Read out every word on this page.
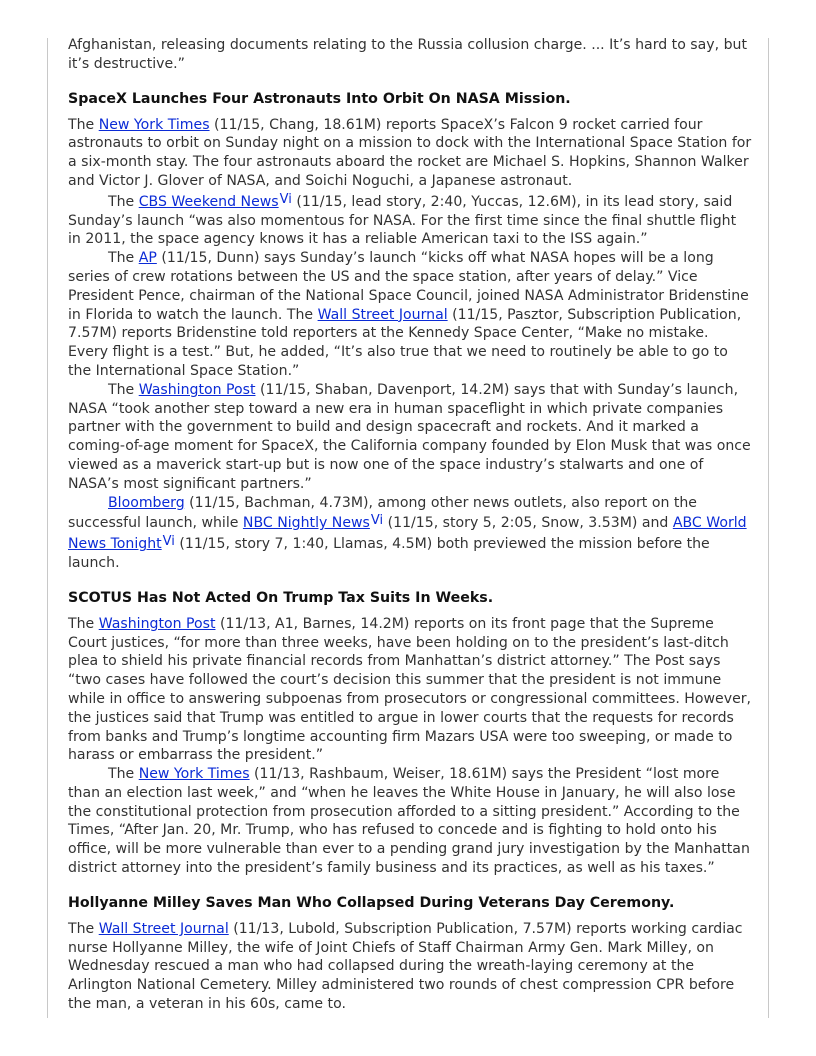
Afghanistan, releasing documents relating to the Russia collusion charge. ... It’s hard to say, but it’s destructive.”

SpaceX Launches Four Astronauts Into Orbit On NASA Mission.

The New York Times (11/15, Chang, 18.61M) reports SpaceX’s Falcon 9 rocket carried four astronauts to orbit on Sunday night on a mission to dock with the International Space Station for a six-month stay. The four astronauts aboard the rocket are Michael S. Hopkins, Shannon Walker and Victor J. Glover of NASA, and Soichi Noguchi, a Japanese astronaut.

The CBS Weekend NewsVi (11/15, lead story, 2:40, Yuccas, 12.6M), in its lead story, said Sunday’s launch “was also momentous for NASA. For the first time since the final shuttle flight in 2011, the space agency knows it has a reliable American taxi to the ISS again.”

The AP (11/15, Dunn) says Sunday’s launch “kicks off what NASA hopes will be a long series of crew rotations between the US and the space station, after years of delay.” Vice President Pence, chairman of the National Space Council, joined NASA Administrator Bridenstine in Florida to watch the launch. The Wall Street Journal (11/15, Pasztor, Subscription Publication, 7.57M) reports Bridenstine told reporters at the Kennedy Space Center, “Make no mistake. Every flight is a test.” But, he added, “It’s also true that we need to routinely be able to go to the International Space Station.”

The Washington Post (11/15, Shaban, Davenport, 14.2M) says that with Sunday’s launch, NASA “took another step toward a new era in human spaceflight in which private companies partner with the government to build and design spacecraft and rockets. And it marked a coming-of-age moment for SpaceX, the California company founded by Elon Musk that was once viewed as a maverick start-up but is now one of the space industry’s stalwarts and one of NASA’s most significant partners.”

Bloomberg (11/15, Bachman, 4.73M), among other news outlets, also report on the successful launch, while NBC Nightly NewsVi (11/15, story 5, 2:05, Snow, 3.53M) and ABC World News TonightVi (11/15, story 7, 1:40, Llamas, 4.5M) both previewed the mission before the launch.

SCOTUS Has Not Acted On Trump Tax Suits In Weeks.

The Washington Post (11/13, A1, Barnes, 14.2M) reports on its front page that the Supreme Court justices, “for more than three weeks, have been holding on to the president’s last-ditch plea to shield his private financial records from Manhattan’s district attorney.” The Post says “two cases have followed the court’s decision this summer that the president is not immune while in office to answering subpoenas from prosecutors or congressional committees. However, the justices said that Trump was entitled to argue in lower courts that the requests for records from banks and Trump’s longtime accounting firm Mazars USA were too sweeping, or made to harass or embarrass the president.”

The New York Times (11/13, Rashbaum, Weiser, 18.61M) says the President “lost more than an election last week,” and “when he leaves the White House in January, he will also lose the constitutional protection from prosecution afforded to a sitting president.” According to the Times, “After Jan. 20, Mr. Trump, who has refused to concede and is fighting to hold onto his office, will be more vulnerable than ever to a pending grand jury investigation by the Manhattan district attorney into the president’s family business and its practices, as well as his taxes.”

Hollyanne Milley Saves Man Who Collapsed During Veterans Day Ceremony.

The Wall Street Journal (11/13, Lubold, Subscription Publication, 7.57M) reports working cardiac nurse Hollyanne Milley, the wife of Joint Chiefs of Staff Chairman Army Gen. Mark Milley, on Wednesday rescued a man who had collapsed during the wreath-laying ceremony at the Arlington National Cemetery. Milley administered two rounds of chest compression CPR before the man, a veteran in his 60s, came to.
